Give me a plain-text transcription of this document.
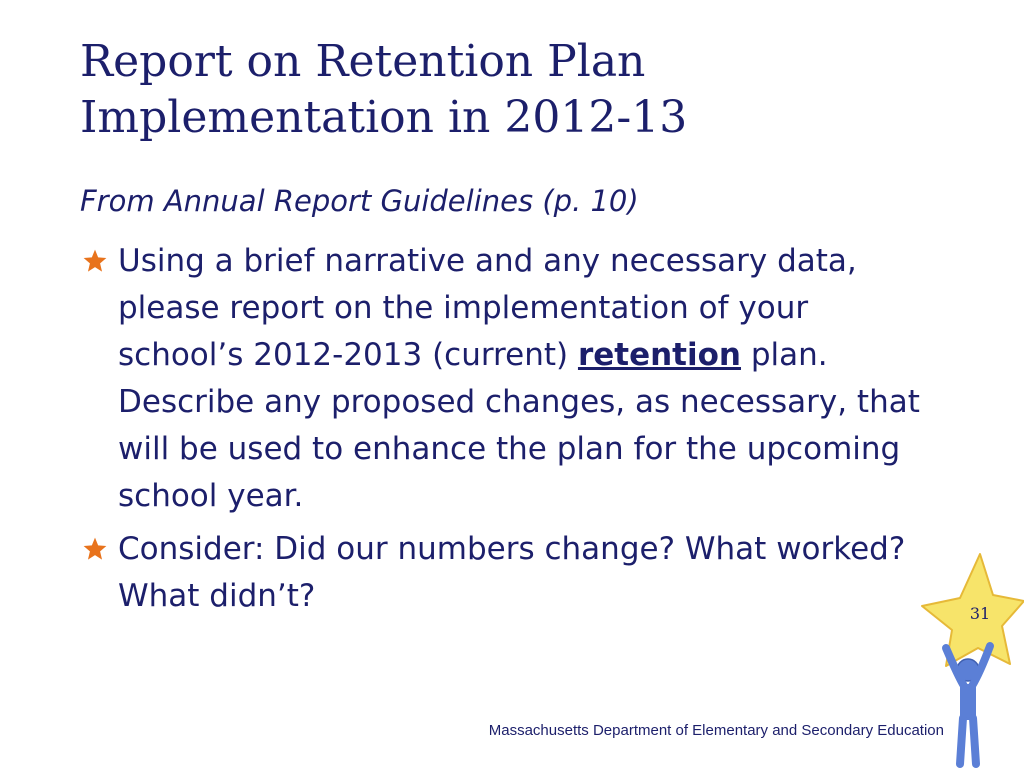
Report on Retention Plan
Implementation in 2012-13
From Annual Report Guidelines (p. 10)
Using a brief narrative and any necessary data, please report on the implementation of your school’s 2012-2013 (current) retention plan. Describe any proposed changes, as necessary, that will be used to enhance the plan for the upcoming school year.
Consider: Did our numbers change? What worked? What didn’t?
Massachusetts Department of Elementary and Secondary Education
31
